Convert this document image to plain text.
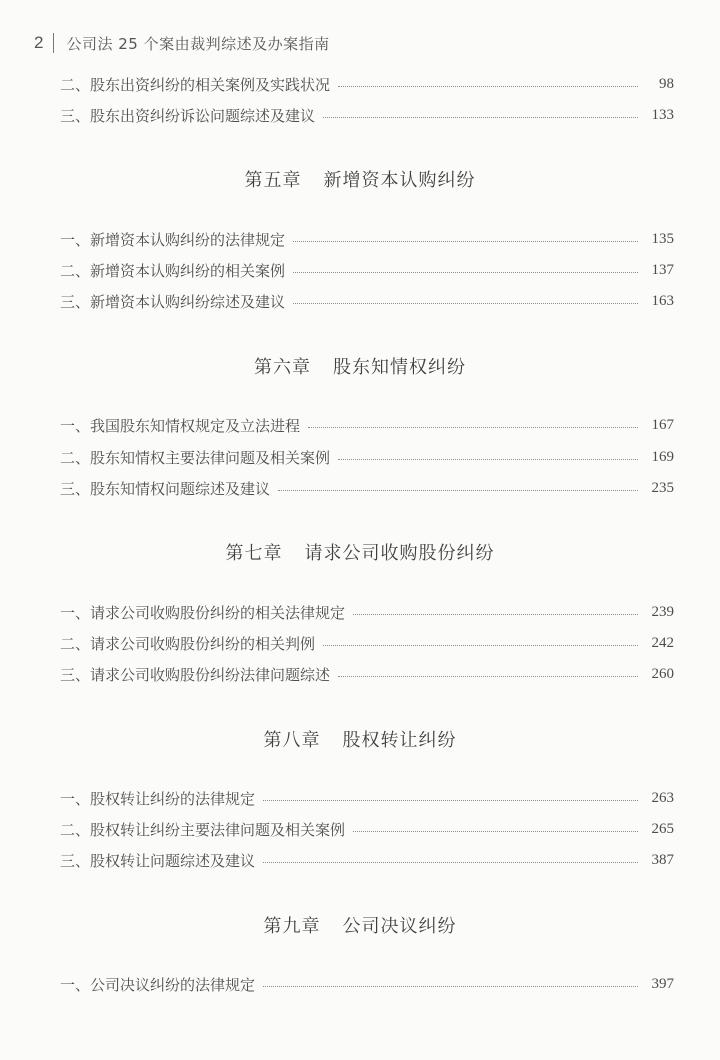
2 公司法 25 个案由裁判综述及办案指南
二、股东出资纠纷的相关案例及实践状况	98
三、股东出资纠纷诉讼问题综述及建议	133
第五章 新增资本认购纠纷
一、新增资本认购纠纷的法律规定	135
二、新增资本认购纠纷的相关案例	137
三、新增资本认购纠纷综述及建议	163
第六章 股东知情权纠纷
一、我国股东知情权规定及立法进程	167
二、股东知情权主要法律问题及相关案例	169
三、股东知情权问题综述及建议	235
第七章 请求公司收购股份纠纷
一、请求公司收购股份纠纷的相关法律规定	239
二、请求公司收购股份纠纷的相关判例	242
三、请求公司收购股份纠纷法律问题综述	260
第八章 股权转让纠纷
一、股权转让纠纷的法律规定	263
二、股权转让纠纷主要法律问题及相关案例	265
三、股权转让问题综述及建议	387
第九章 公司决议纠纷
一、公司决议纠纷的法律规定	397
